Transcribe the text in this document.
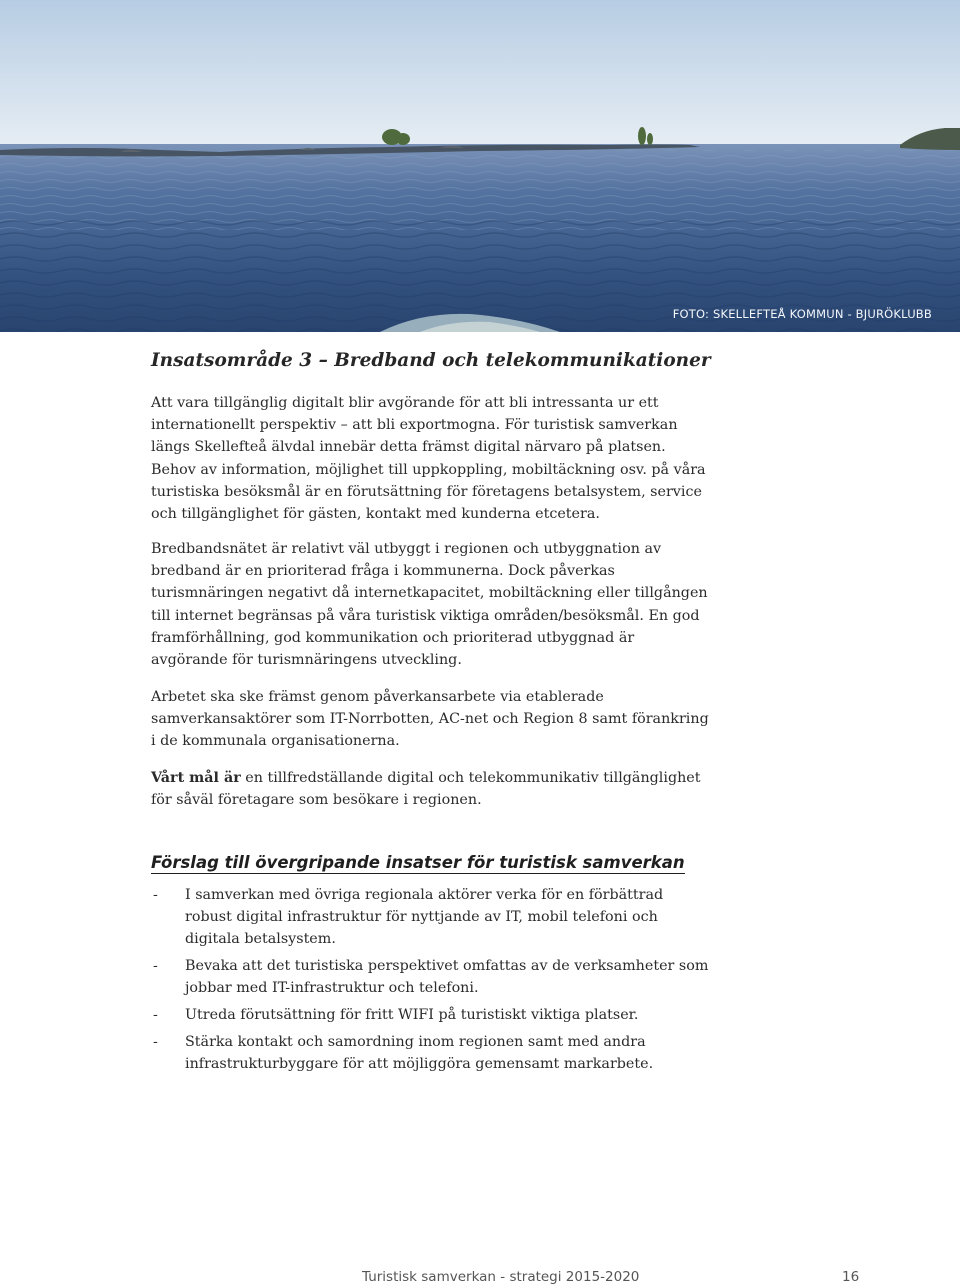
FOTO: SKELLEFTEÅ KOMMUN - BJURÖKLUBB
Insatsområde 3 – Bredband och telekommunikationer

Att vara tillgänglig digitalt blir avgörande för att bli intressanta ur ett internationellt perspektiv – att bli exportmogna. För turistisk samverkan längs Skellefteå älvdal innebär detta främst digital närvaro på platsen. Behov av information, möjlighet till uppkoppling, mobiltäckning osv. på våra turistiska besöksmål är en förutsättning för företagens betalsystem, service och tillgänglighet för gästen, kontakt med kunderna etcetera.

Bredbandsnätet är relativt väl utbyggt i regionen och utbyggnation av bredband är en prioriterad fråga i kommunerna. Dock påverkas turismnäringen negativt då internetkapacitet, mobiltäckning eller tillgången till internet begränsas på våra turistisk viktiga områden/besöksmål. En god framförhållning, god kommunikation och prioriterad utbyggnad är avgörande för turismnäringens utveckling.

Arbetet ska ske främst genom påverkansarbete via etablerade samverkansaktörer som IT-Norrbotten, AC-net och Region 8 samt förankring i de kommunala organisationerna.

Vårt mål är en tillfredställande digital och telekommunikativ tillgänglighet för såväl företagare som besökare i regionen.

Förslag till övergripande insatser för turistisk samverkan
- I samverkan med övriga regionala aktörer verka för en förbättrad robust digital infrastruktur för nyttjande av IT, mobil telefoni och digitala betalsystem.
- Bevaka att det turistiska perspektivet omfattas av de verksamheter som jobbar med IT-infrastruktur och telefoni.
- Utreda förutsättning för fritt WIFI på turistiskt viktiga platser.
- Stärka kontakt och samordning inom regionen samt med andra infrastrukturbyggare för att möjliggöra gemensamt markarbete.
Turistisk samverkan - strategi 2015-2020	16
